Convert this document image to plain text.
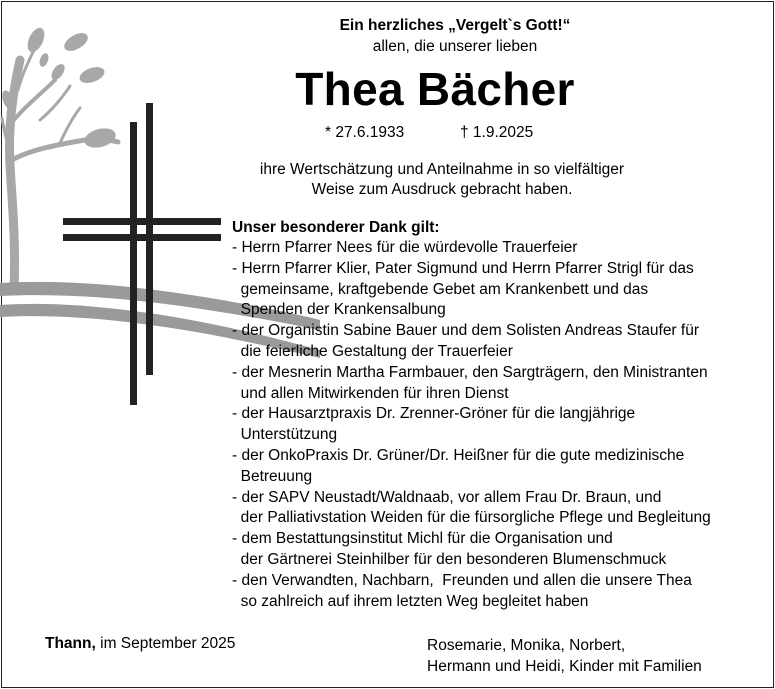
Ein herzliches „Vergelt`s Gott!“
allen, die unserer lieben
Thea Bächer
* 27.6.1933	† 1.9.2025
ihre Wertschätzung und Anteilnahme in so vielfältiger
Weise zum Ausdruck gebracht haben.
Unser besonderer Dank gilt:
- Herrn Pfarrer Nees für die würdevolle Trauerfeier
- Herrn Pfarrer Klier, Pater Sigmund und Herrn Pfarrer Strigl für das
gemeinsame, kraftgebende Gebet am Krankenbett und das
Spenden der Krankensalbung
- der Organistin Sabine Bauer und dem Solisten Andreas Staufer für
die feierliche Gestaltung der Trauerfeier
- der Mesnerin Martha Farmbauer, den Sargträgern, den Ministranten
und allen Mitwirkenden für ihren Dienst
- der Hausarztpraxis Dr. Zrenner-Gröner für die langjährige
Unterstützung
- der OnkoPraxis Dr. Grüner/Dr. Heißner für die gute medizinische
Betreuung
- der SAPV Neustadt/Waldnaab, vor allem Frau Dr. Braun, und
der Palliativstation Weiden für die fürsorgliche Pflege und Begleitung
- dem Bestattungsinstitut Michl für die Organisation und
der Gärtnerei Steinhilber für den besonderen Blumenschmuck
- den Verwandten, Nachbarn,  Freunden und allen die unsere Thea
so zahlreich auf ihrem letzten Weg begleitet haben
Thann, im September 2025	Rosemarie, Monika, Norbert,
Hermann und Heidi, Kinder mit Familien
